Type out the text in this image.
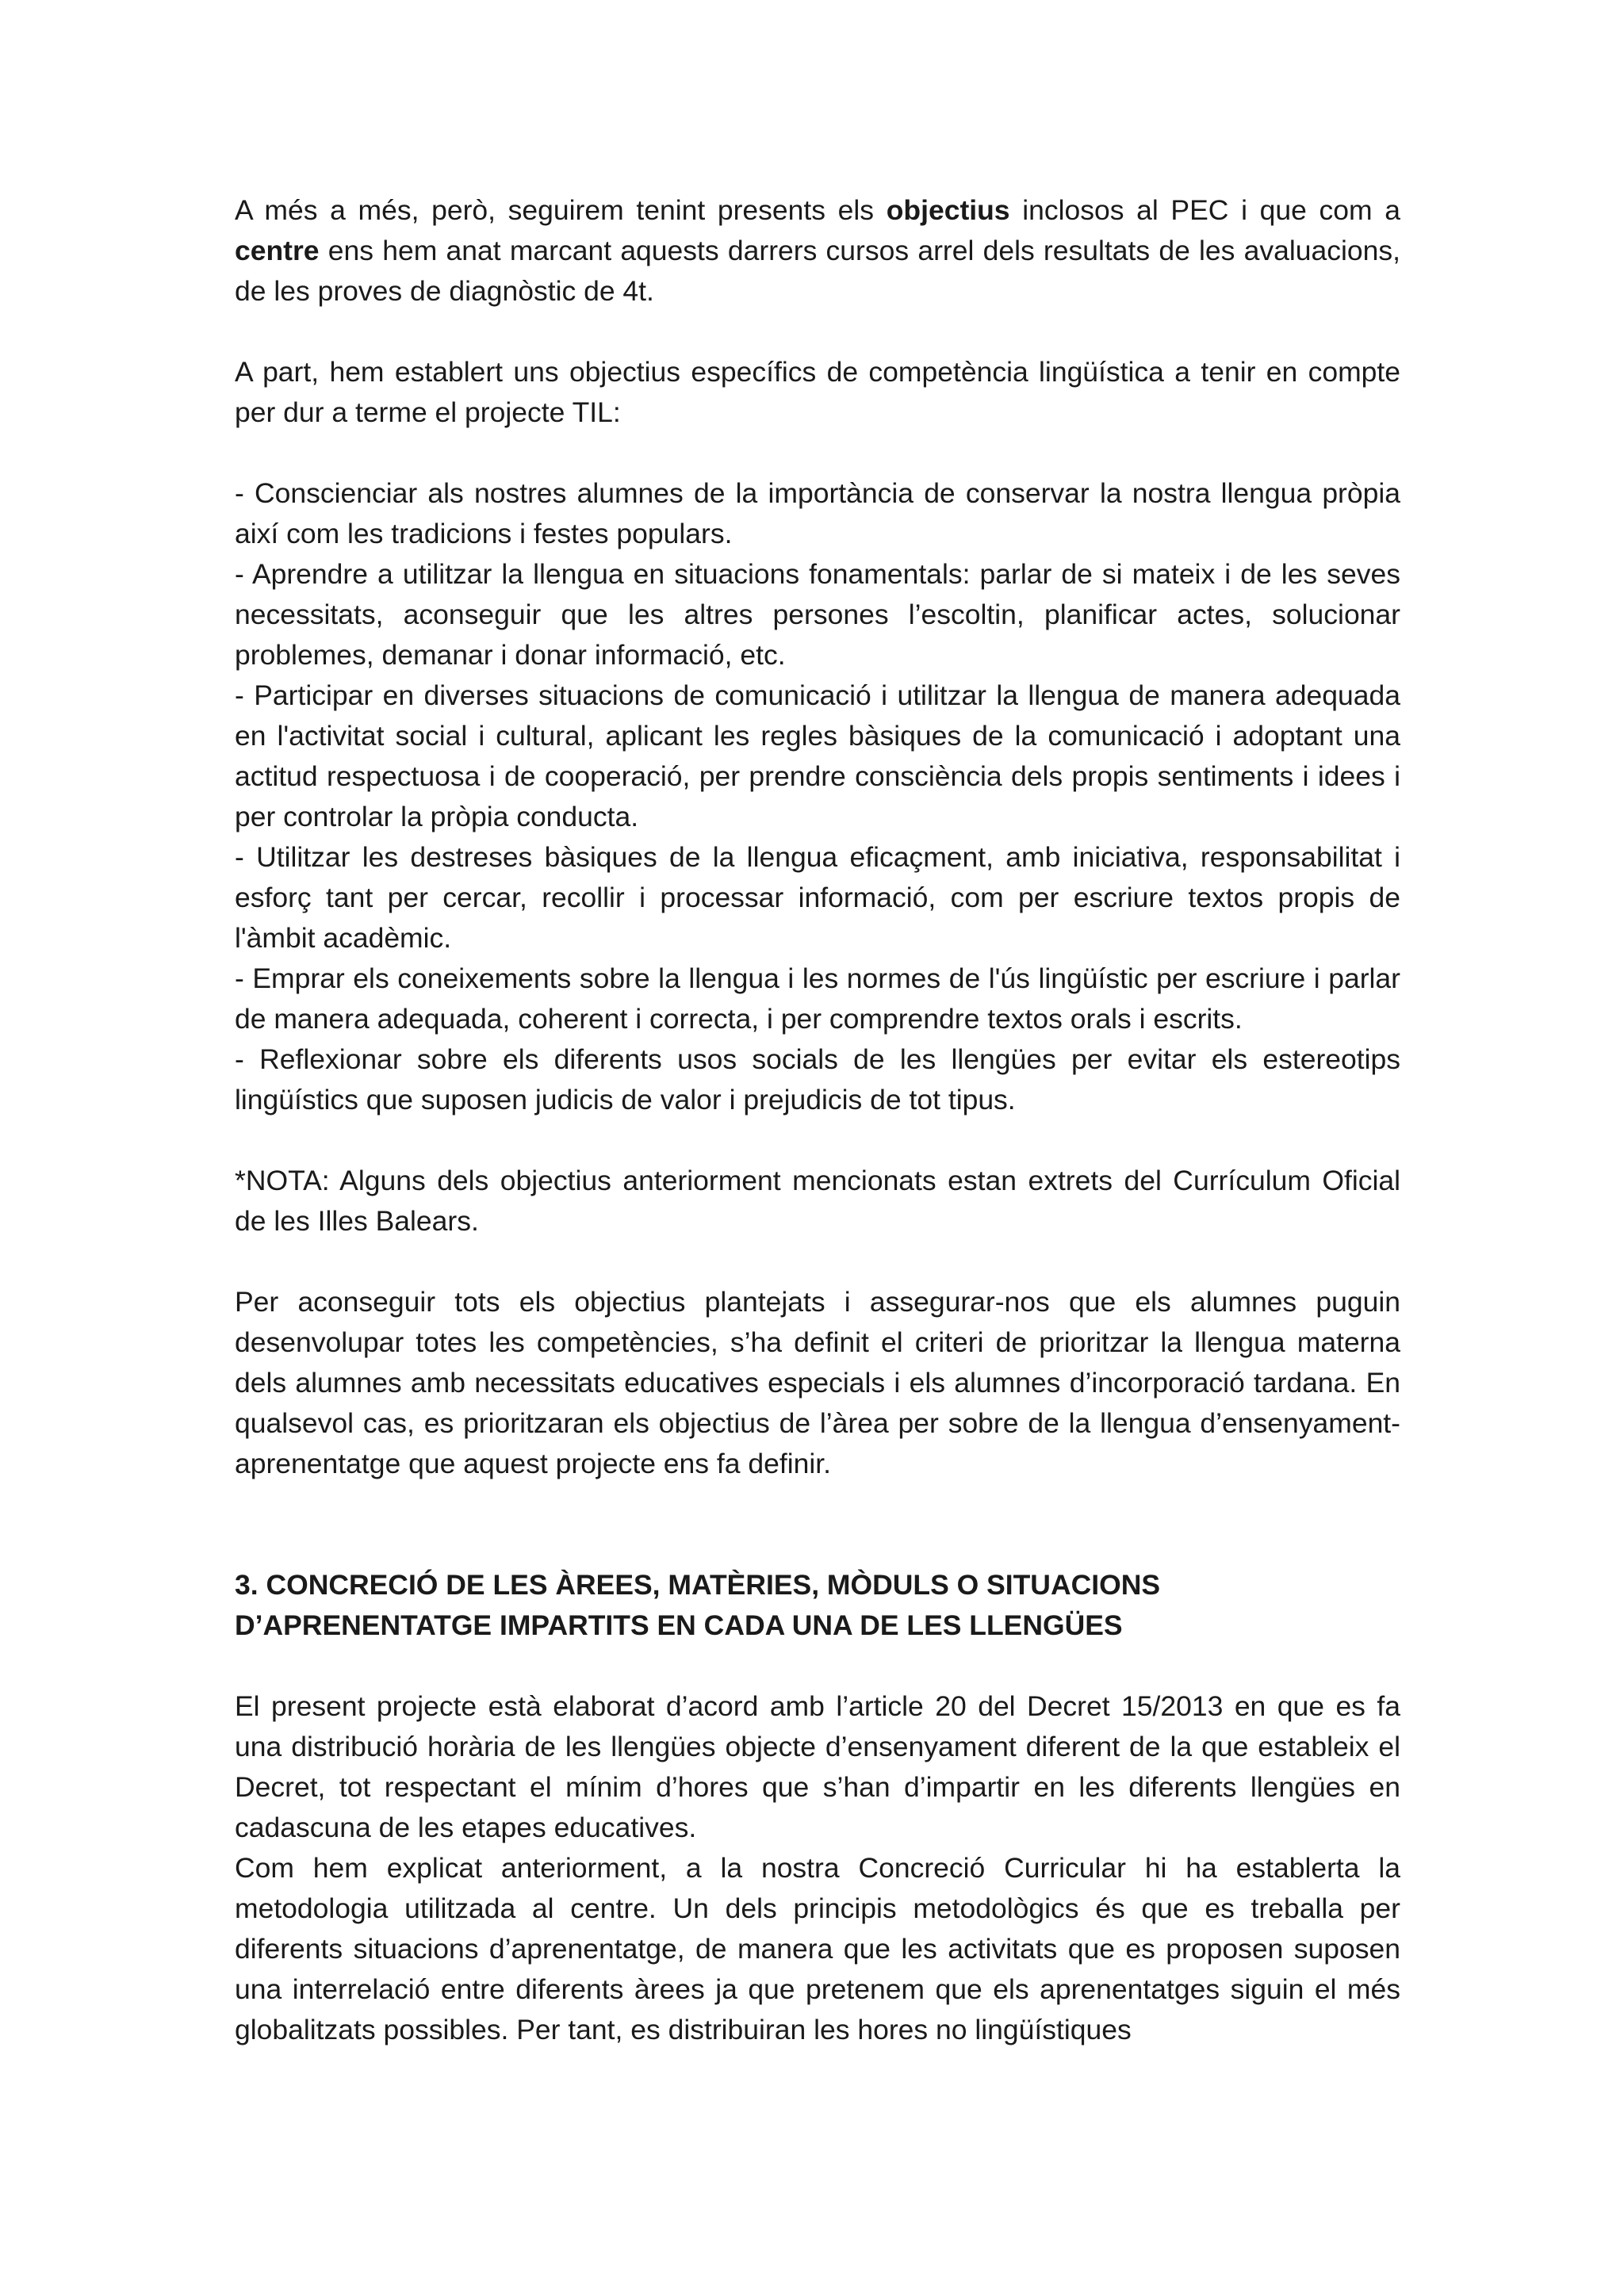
A més a més, però, seguirem tenint presents els objectius inclosos al PEC i que com a centre ens hem anat marcant aquests darrers cursos arrel dels resultats de les avaluacions, de les proves de diagnòstic de 4t.

A part, hem establert uns objectius específics de competència lingüística a tenir en compte per dur a terme el projecte TIL:

- Conscienciar als nostres alumnes de la importància de conservar la nostra llengua pròpia així com les tradicions i festes populars.

- Aprendre a utilitzar la llengua en situacions fonamentals: parlar de si mateix i de les seves necessitats, aconseguir que les altres persones l’escoltin, planificar actes, solucionar problemes, demanar i donar informació, etc.

- Participar en diverses situacions de comunicació i utilitzar la llengua de manera adequada en l'activitat social i cultural, aplicant les regles bàsiques de la comunicació i adoptant una actitud respectuosa i de cooperació, per prendre consciència dels propis sentiments i idees i per controlar la pròpia conducta.

- Utilitzar les destreses bàsiques de la llengua eficaçment, amb iniciativa, responsabilitat i esforç tant per cercar, recollir i processar informació, com per escriure textos propis de l'àmbit acadèmic.

- Emprar els coneixements sobre la llengua i les normes de l'ús lingüístic per escriure i parlar de manera adequada, coherent i correcta, i per comprendre textos orals i escrits.

- Reflexionar sobre els diferents usos socials de les llengües per evitar els estereotips lingüístics que suposen judicis de valor i prejudicis de tot tipus.

*NOTA: Alguns dels objectius anteriorment mencionats estan extrets del Currículum Oficial de les Illes Balears.

Per aconseguir tots els objectius plantejats i assegurar-nos que els alumnes puguin desenvolupar totes les competències, s’ha definit el criteri de prioritzar la llengua materna dels alumnes amb necessitats educatives especials i els alumnes d’incorporació tardana. En qualsevol cas, es prioritzaran els objectius de l’àrea per sobre de la llengua d’ensenyament-aprenentatge que aquest projecte ens fa definir.

3. CONCRECIÓ DE LES ÀREES, MATÈRIES, MÒDULS O SITUACIONS D’APRENENTATGE IMPARTITS EN CADA UNA DE LES LLENGÜES

El present projecte està elaborat d’acord amb l’article 20 del Decret 15/2013 en que es fa una distribució horària de les llengües objecte d’ensenyament diferent de la que estableix el Decret, tot respectant el mínim d’hores que s’han d’impartir en les diferents llengües en cadascuna de les etapes educatives.

Com hem explicat anteriorment, a la nostra Concreció Curricular hi ha establerta la metodologia utilitzada al centre. Un dels principis metodològics és que es treballa per diferents situacions d’aprenentatge, de manera que les activitats que es proposen suposen una interrelació entre diferents àrees ja que pretenem que els aprenentatges siguin el més globalitzats possibles. Per tant, es distribuiran les hores no lingüístiques
